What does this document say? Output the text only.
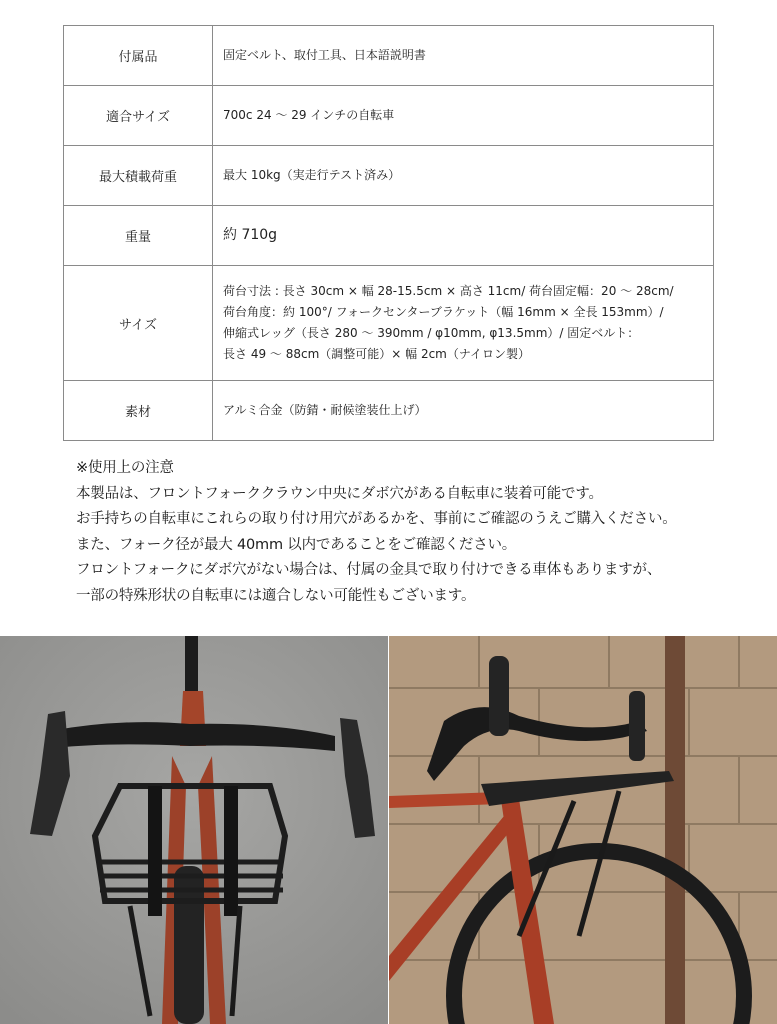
付属品	固定ベルト、取付工具、日本語説明書
適合サイズ	700c 24 〜 29 インチの自転車
最大積載荷重	最大 10kg（実走行テスト済み）
重量	約 710g
サイズ	荷台寸法 : 長さ 30cm × 幅 28-15.5cm × 高さ 11cm/ 荷台固定幅：20 〜 28cm/
荷台角度：約 100°/ フォークセンターブラケット（幅 16mm × 全長 153mm）/
伸縮式レッグ（長さ 280 〜 390mm / φ10mm, φ13.5mm）/ 固定ベルト：
長さ 49 〜 88cm（調整可能）× 幅 2cm（ナイロン製）

素材	アルミ合金（防錆・耐候塗装仕上げ）

※使用上の注意

本製品は、フロントフォーククラウン中央にダボ穴がある自転車に装着可能です。

お手持ちの自転車にこれらの取り付け用穴があるかを、事前にご確認のうえご購入ください。

また、フォーク径が最大 40mm 以内であることをご確認ください。

フロントフォークにダボ穴がない場合は、付属の金具で取り付けできる車体もありますが、

一部の特殊形状の自転車には適合しない可能性もございます。
